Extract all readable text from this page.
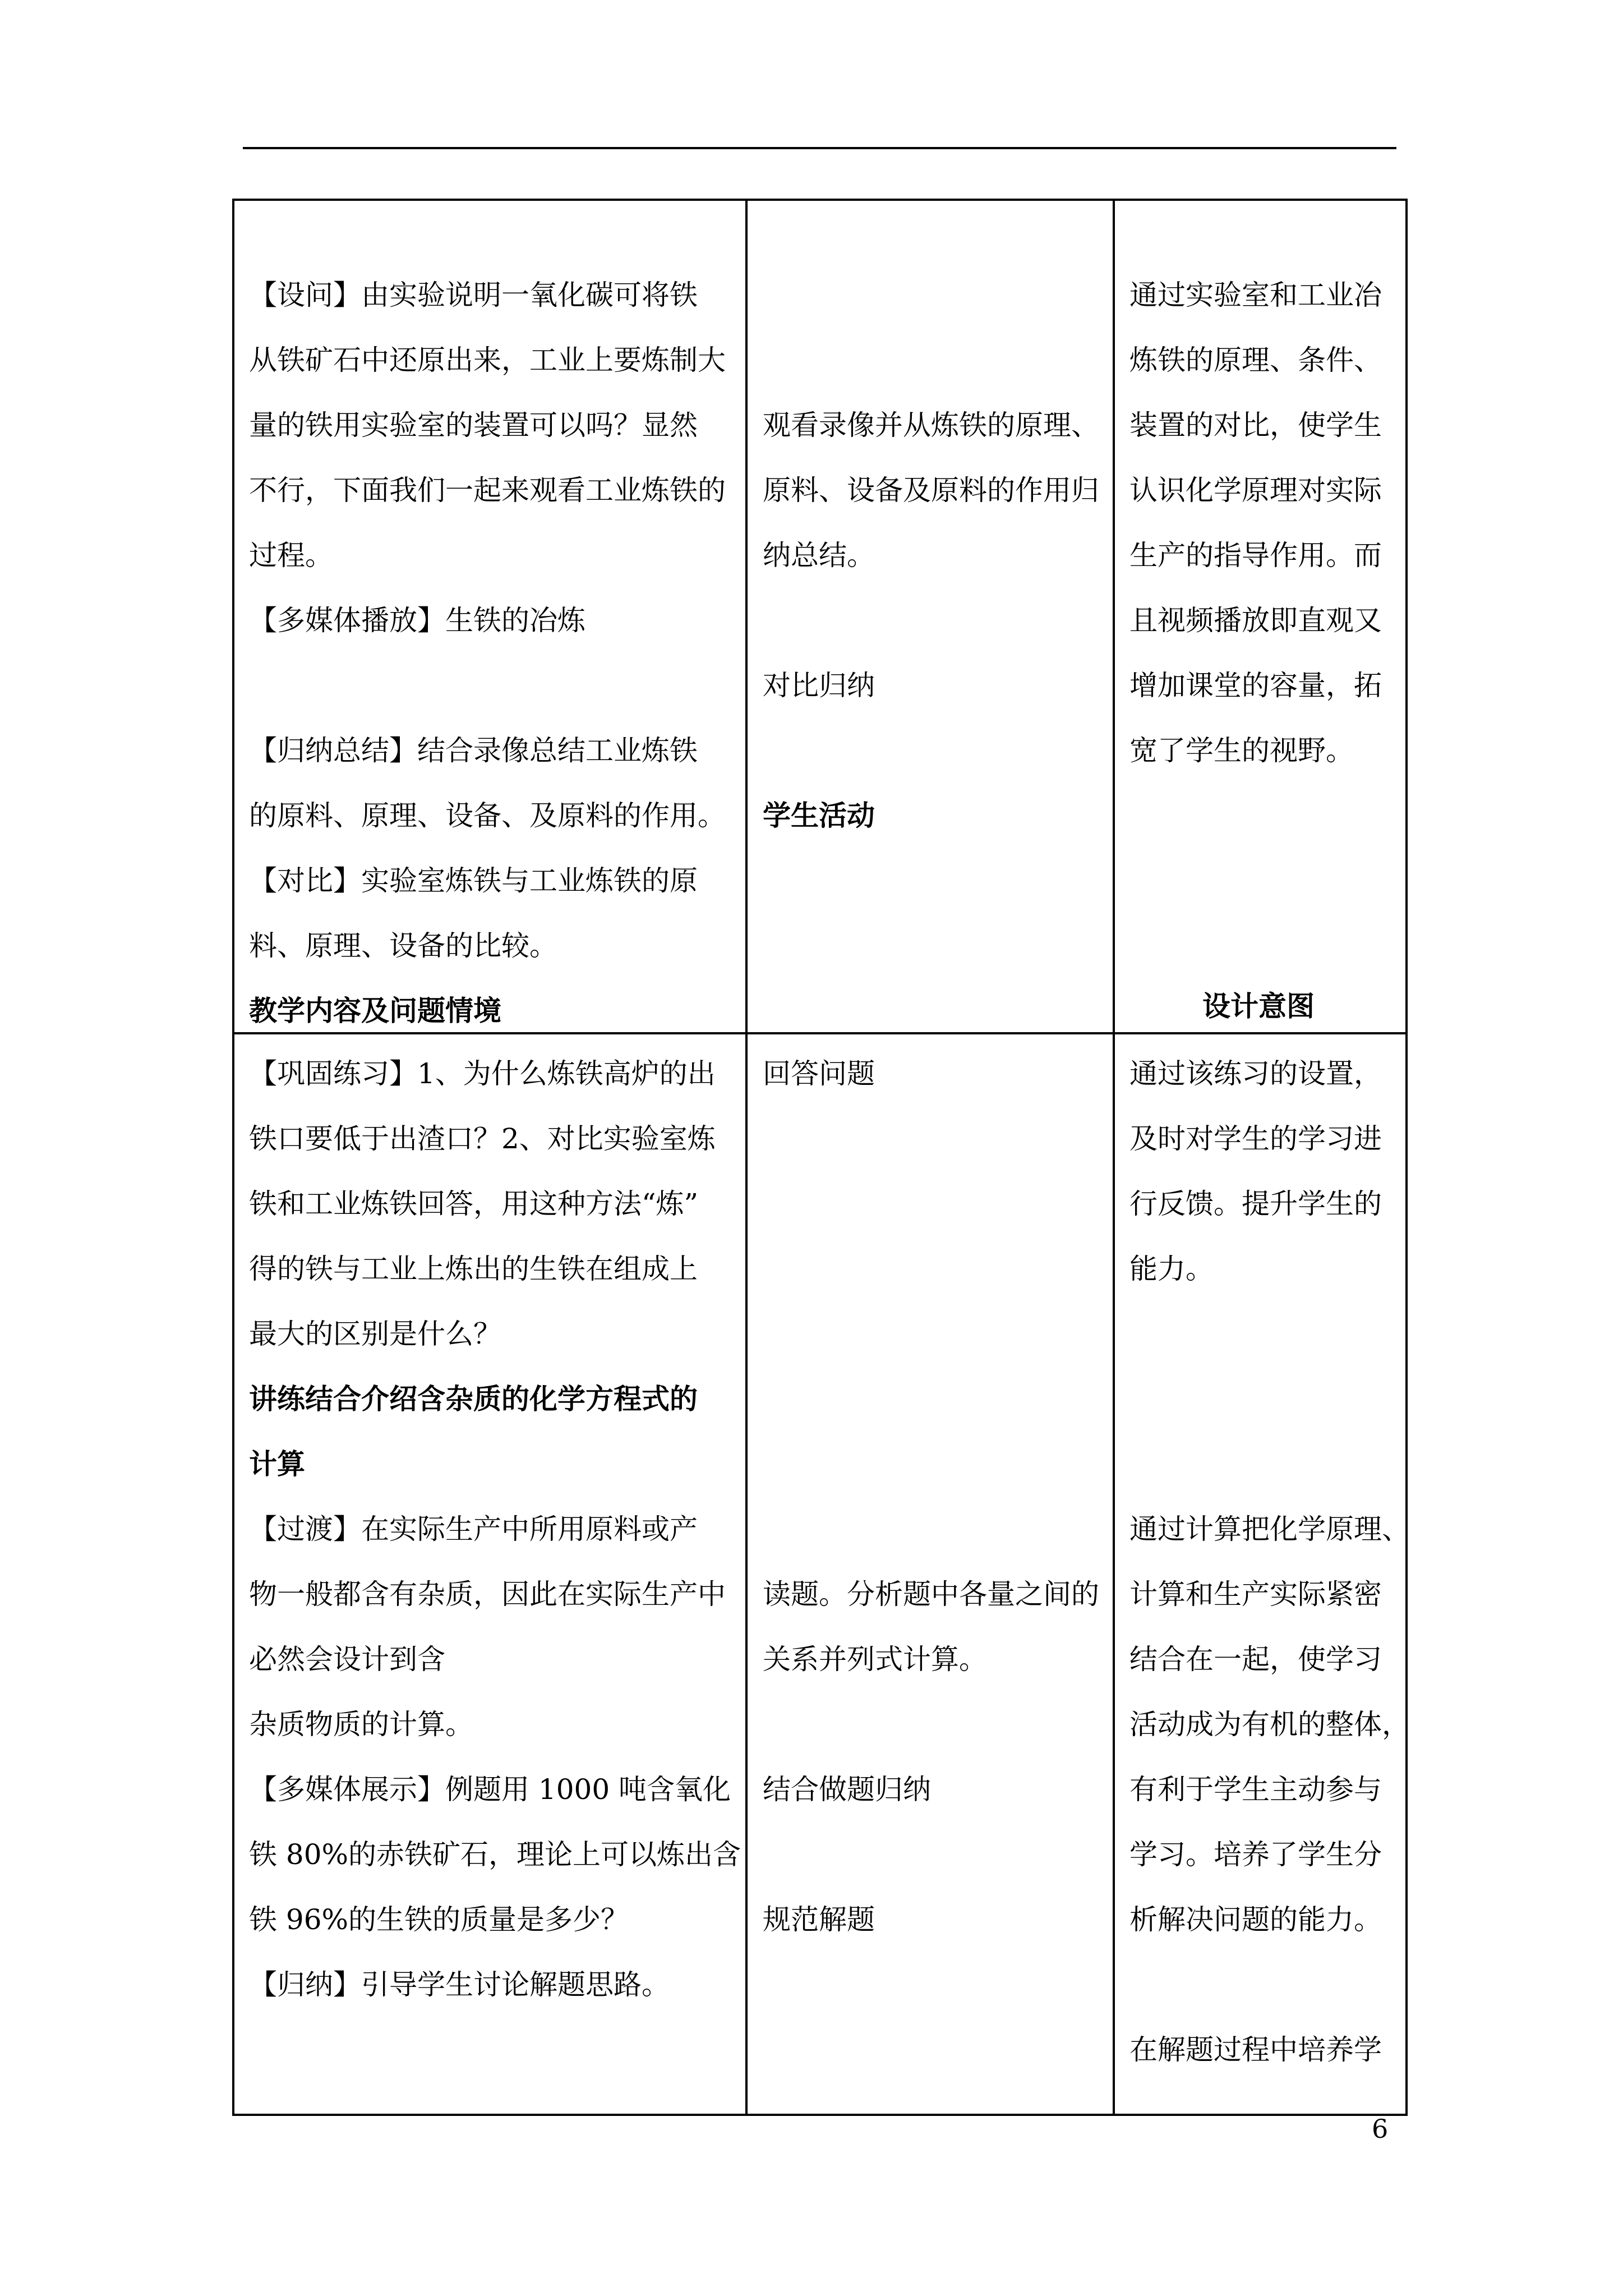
【设问】由实验说明一氧化碳可将铁
从铁矿石中还原出来，工业上要炼制大
量的铁用实验室的装置可以吗？显然
不行，下面我们一起来观看工业炼铁的
过程。
【多媒体播放】生铁的冶炼
【归纳总结】结合录像总结工业炼铁
的原料、原理、设备、及原料的作用。
【对比】实验室炼铁与工业炼铁的原
料、原理、设备的比较。
教学内容及问题情境
观看录像并从炼铁的原理、
原料、设备及原料的作用归
纳总结。
对比归纳
学生活动
通过实验室和工业冶
炼铁的原理、条件、
装置的对比，使学生
认识化学原理对实际
生产的指导作用。而
且视频播放即直观又
增加课堂的容量，拓
宽了学生的视野。
设计意图
【巩固练习】1、为什么炼铁高炉的出
铁口要低于出渣口？2、对比实验室炼
铁和工业炼铁回答，用这种方法“炼”
得的铁与工业上炼出的生铁在组成上
最大的区别是什么？
讲练结合介绍含杂质的化学方程式的
计算
【过渡】在实际生产中所用原料或产
物一般都含有杂质，因此在实际生产中
必然会设计到含
杂质物质的计算。
【多媒体展示】例题用 1000 吨含氧化
铁 80%的赤铁矿石，理论上可以炼出含
铁 96%的生铁的质量是多少？
【归纳】引导学生讨论解题思路。
回答问题
读题。分析题中各量之间的
关系并列式计算。
结合做题归纳
规范解题
通过该练习的设置，
及时对学生的学习进
行反馈。提升学生的
能力。
通过计算把化学原理、
计算和生产实际紧密
结合在一起，使学习
活动成为有机的整体，
有利于学生主动参与
学习。培养了学生分
析解决问题的能力。
在解题过程中培养学
6
